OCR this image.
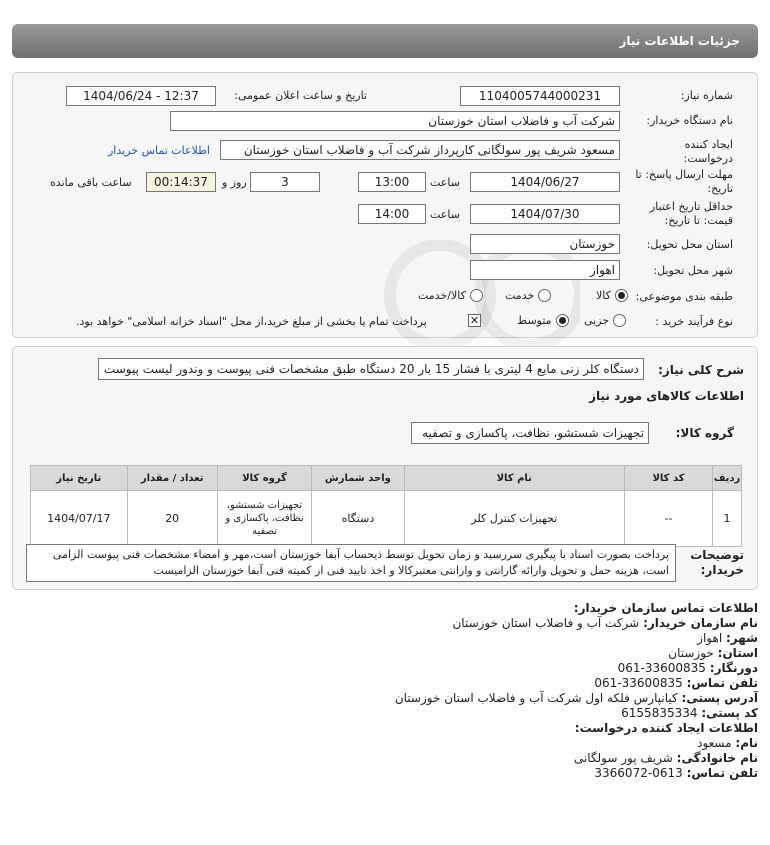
جزئیات اطلاعات نیاز
شماره نیاز:
1104005744000231
تاریخ و ساعت اعلان عمومی:
1404/06/24 - 12:37
نام دستگاه خریدار:
شرکت آب و فاضلاب استان خوزستان
ایجاد کننده درخواست:
مسعود شریف پور سولگانی کارپرداز شرکت آب و فاضلاب استان خوزستان
اطلاعات تماس خریدار
مهلت ارسال پاسخ: تا تاریخ:
1404/06/27
ساعت
13:00
3
روز و
00:14:37
ساعت باقی مانده
حداقل تاریخ اعتبار قیمت: تا تاریخ:
1404/07/30
ساعت
14:00
استان محل تحویل:
خوزستان
شهر محل تحویل:
اهواز
طبقه بندی موضوعی:
کالا
خدمت
کالا/خدمت
نوع فرآیند خرید :
جزیی
متوسط
✕
پرداخت تمام یا بخشی از مبلغ خرید،از محل "اسناد خزانه اسلامی" خواهد بود.
شرح کلی نیاز:
دستگاه کلر زنی مایع 4 لیتری با فشار 15 بار 20 دستگاه طبق مشخصات فنی پیوست و وندور لیست پیوست
اطلاعات کالاهای مورد نیاز
گروه کالا:
تجهیزات شستشو، نظافت، پاکسازی و تصفیه
ردیف	کد کالا	نام کالا	واحد شمارش	گروه کالا	تعداد / مقدار	تاریخ نیاز
1	--	تجهیزات کنترل کلر	دستگاه	تجهیزات شستشو، نظافت، پاکسازی و تصفیه	20	1404/07/17
توضیحات خریدار:
پرداخت بصورت اسناد با پیگیری سررسید و زمان تحویل توسط ذیحساب آبفا خوزستان است،مهر و امضاء مشخصات فنی پیوست الزامی است، هزینه حمل و تحویل وارائه گارانتی و وارانتی معتبرکالا و اخذ تایید فنی از کمیته فنی آبفا خوزستان الزامیست
اطلاعات تماس سازمان خریدار:
نام سازمان خریدار: شرکت آب و فاضلاب استان خوزستان
شهر: اهواز
استان: خوزستان
دورنگار: 33600835-061
تلفن تماس: 33600835-061
آدرس پستی: کیانپارس فلکه اول شرکت آب و فاضلاب استان خوزستان
کد پستی: 6155835334
اطلاعات ایجاد کننده درخواست:
نام: مسعود
نام خانوادگی: شریف پور سولگانی
تلفن تماس: 0613-3366072
